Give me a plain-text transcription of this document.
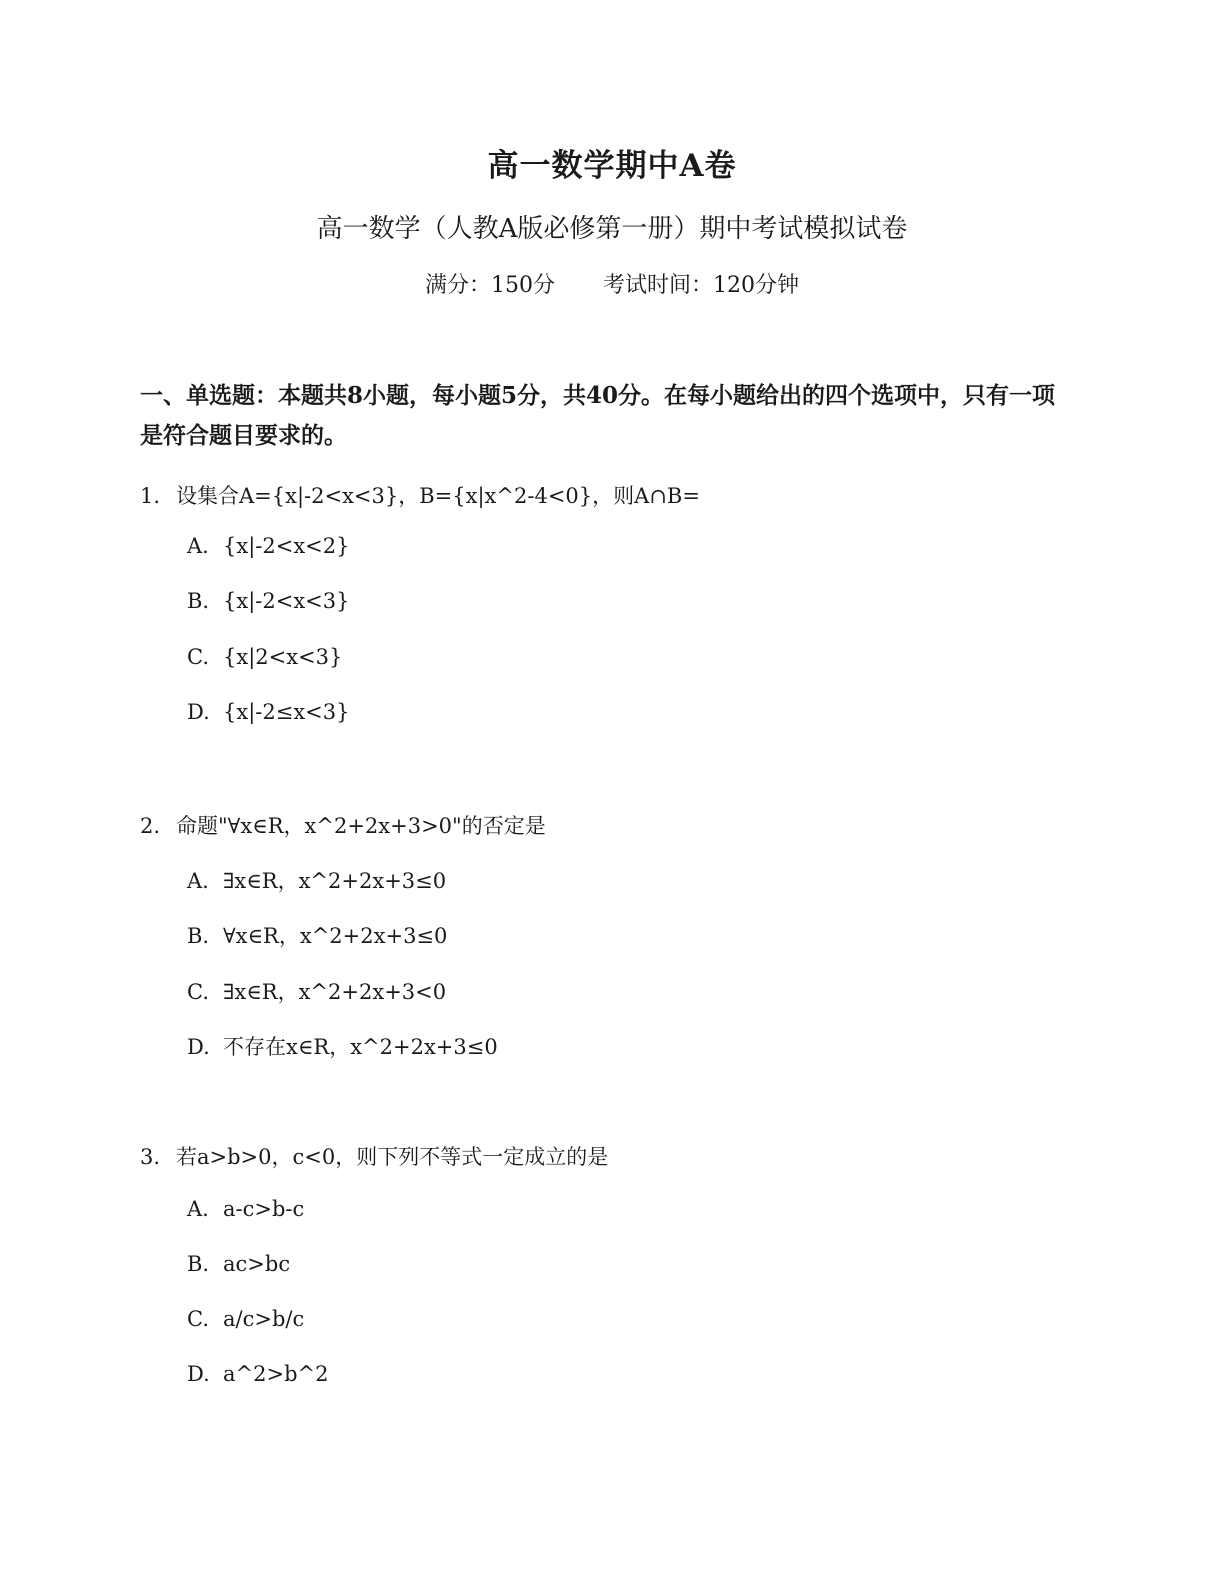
高一数学期中A卷
高一数学（人教A版必修第一册）期中考试模拟试卷
满分：150分 考试时间：120分钟
一、单选题：本题共8小题，每小题5分，共40分。在每小题给出的四个选项中，只有一项是符合题目要求的。
1. 设集合A={x|-2<x<3}，B={x|x^2-4<0}，则A∩B=
A. {x|-2<x<2}
B. {x|-2<x<3}
C. {x|2<x<3}
D. {x|-2≤x<3}
2. 命题"∀x∈R，x^2+2x+3>0"的否定是
A. ∃x∈R，x^2+2x+3≤0
B. ∀x∈R，x^2+2x+3≤0
C. ∃x∈R，x^2+2x+3<0
D. 不存在x∈R，x^2+2x+3≤0
3. 若a>b>0，c<0，则下列不等式一定成立的是
A. a-c>b-c
B. ac>bc
C. a/c>b/c
D. a^2>b^2
